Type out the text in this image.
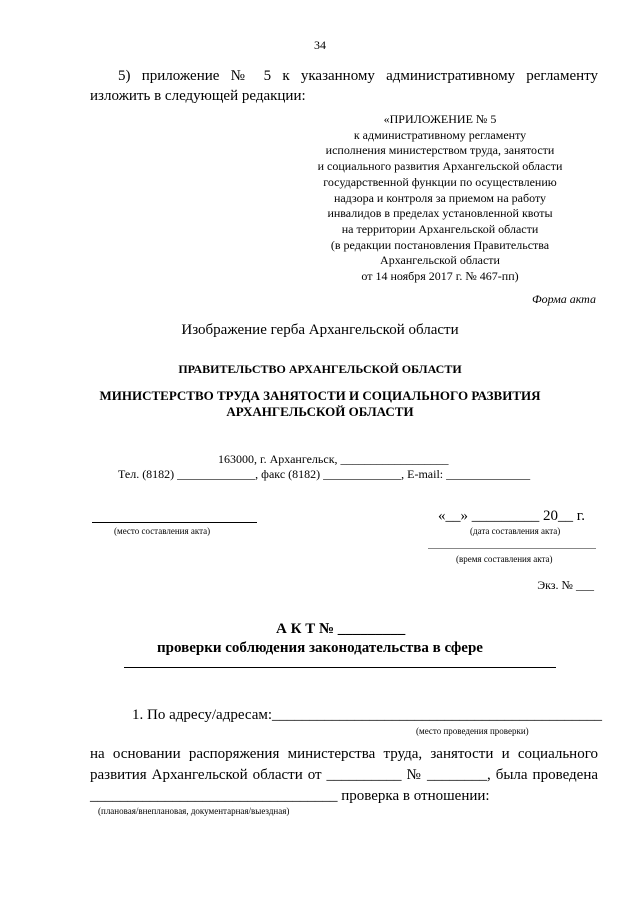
34
5) приложение № 5 к указанному административному регламенту
изложить в следующей редакции:
«ПРИЛОЖЕНИЕ № 5
к административному регламенту
исполнения министерством труда, занятости
и социального развития Архангельской области
государственной функции по осуществлению
надзора и контроля за приемом на работу
инвалидов в пределах установленной квоты
на территории Архангельской области
(в редакции постановления Правительства
Архангельской области
от 14 ноября 2017 г. № 467-пп)
Форма акта
Изображение герба Архангельской области
ПРАВИТЕЛЬСТВО АРХАНГЕЛЬСКОЙ ОБЛАСТИ
МИНИСТЕРСТВО ТРУДА ЗАНЯТОСТИ И СОЦИАЛЬНОГО РАЗВИТИЯ
АРХАНГЕЛЬСКОЙ ОБЛАСТИ
163000, г. Архангельск, __________________
Тел. (8182) _____________, факс (8182) _____________, E-mail: ______________
(место составления акта)
«__» _________ 20__ г.
(дата составления акта)
(время составления акта)
Экз. № ___
А К Т № _________
проверки соблюдения законодательства в сфере
1. По адресу/адресам:____________________________________________
(место проведения проверки)
на основании распоряжения министерства труда, занятости и социального
развития Архангельской области от __________ № ________, была проведена
_________________________________ проверка в отношении:
(плановая/внеплановая, документарная/выездная)
